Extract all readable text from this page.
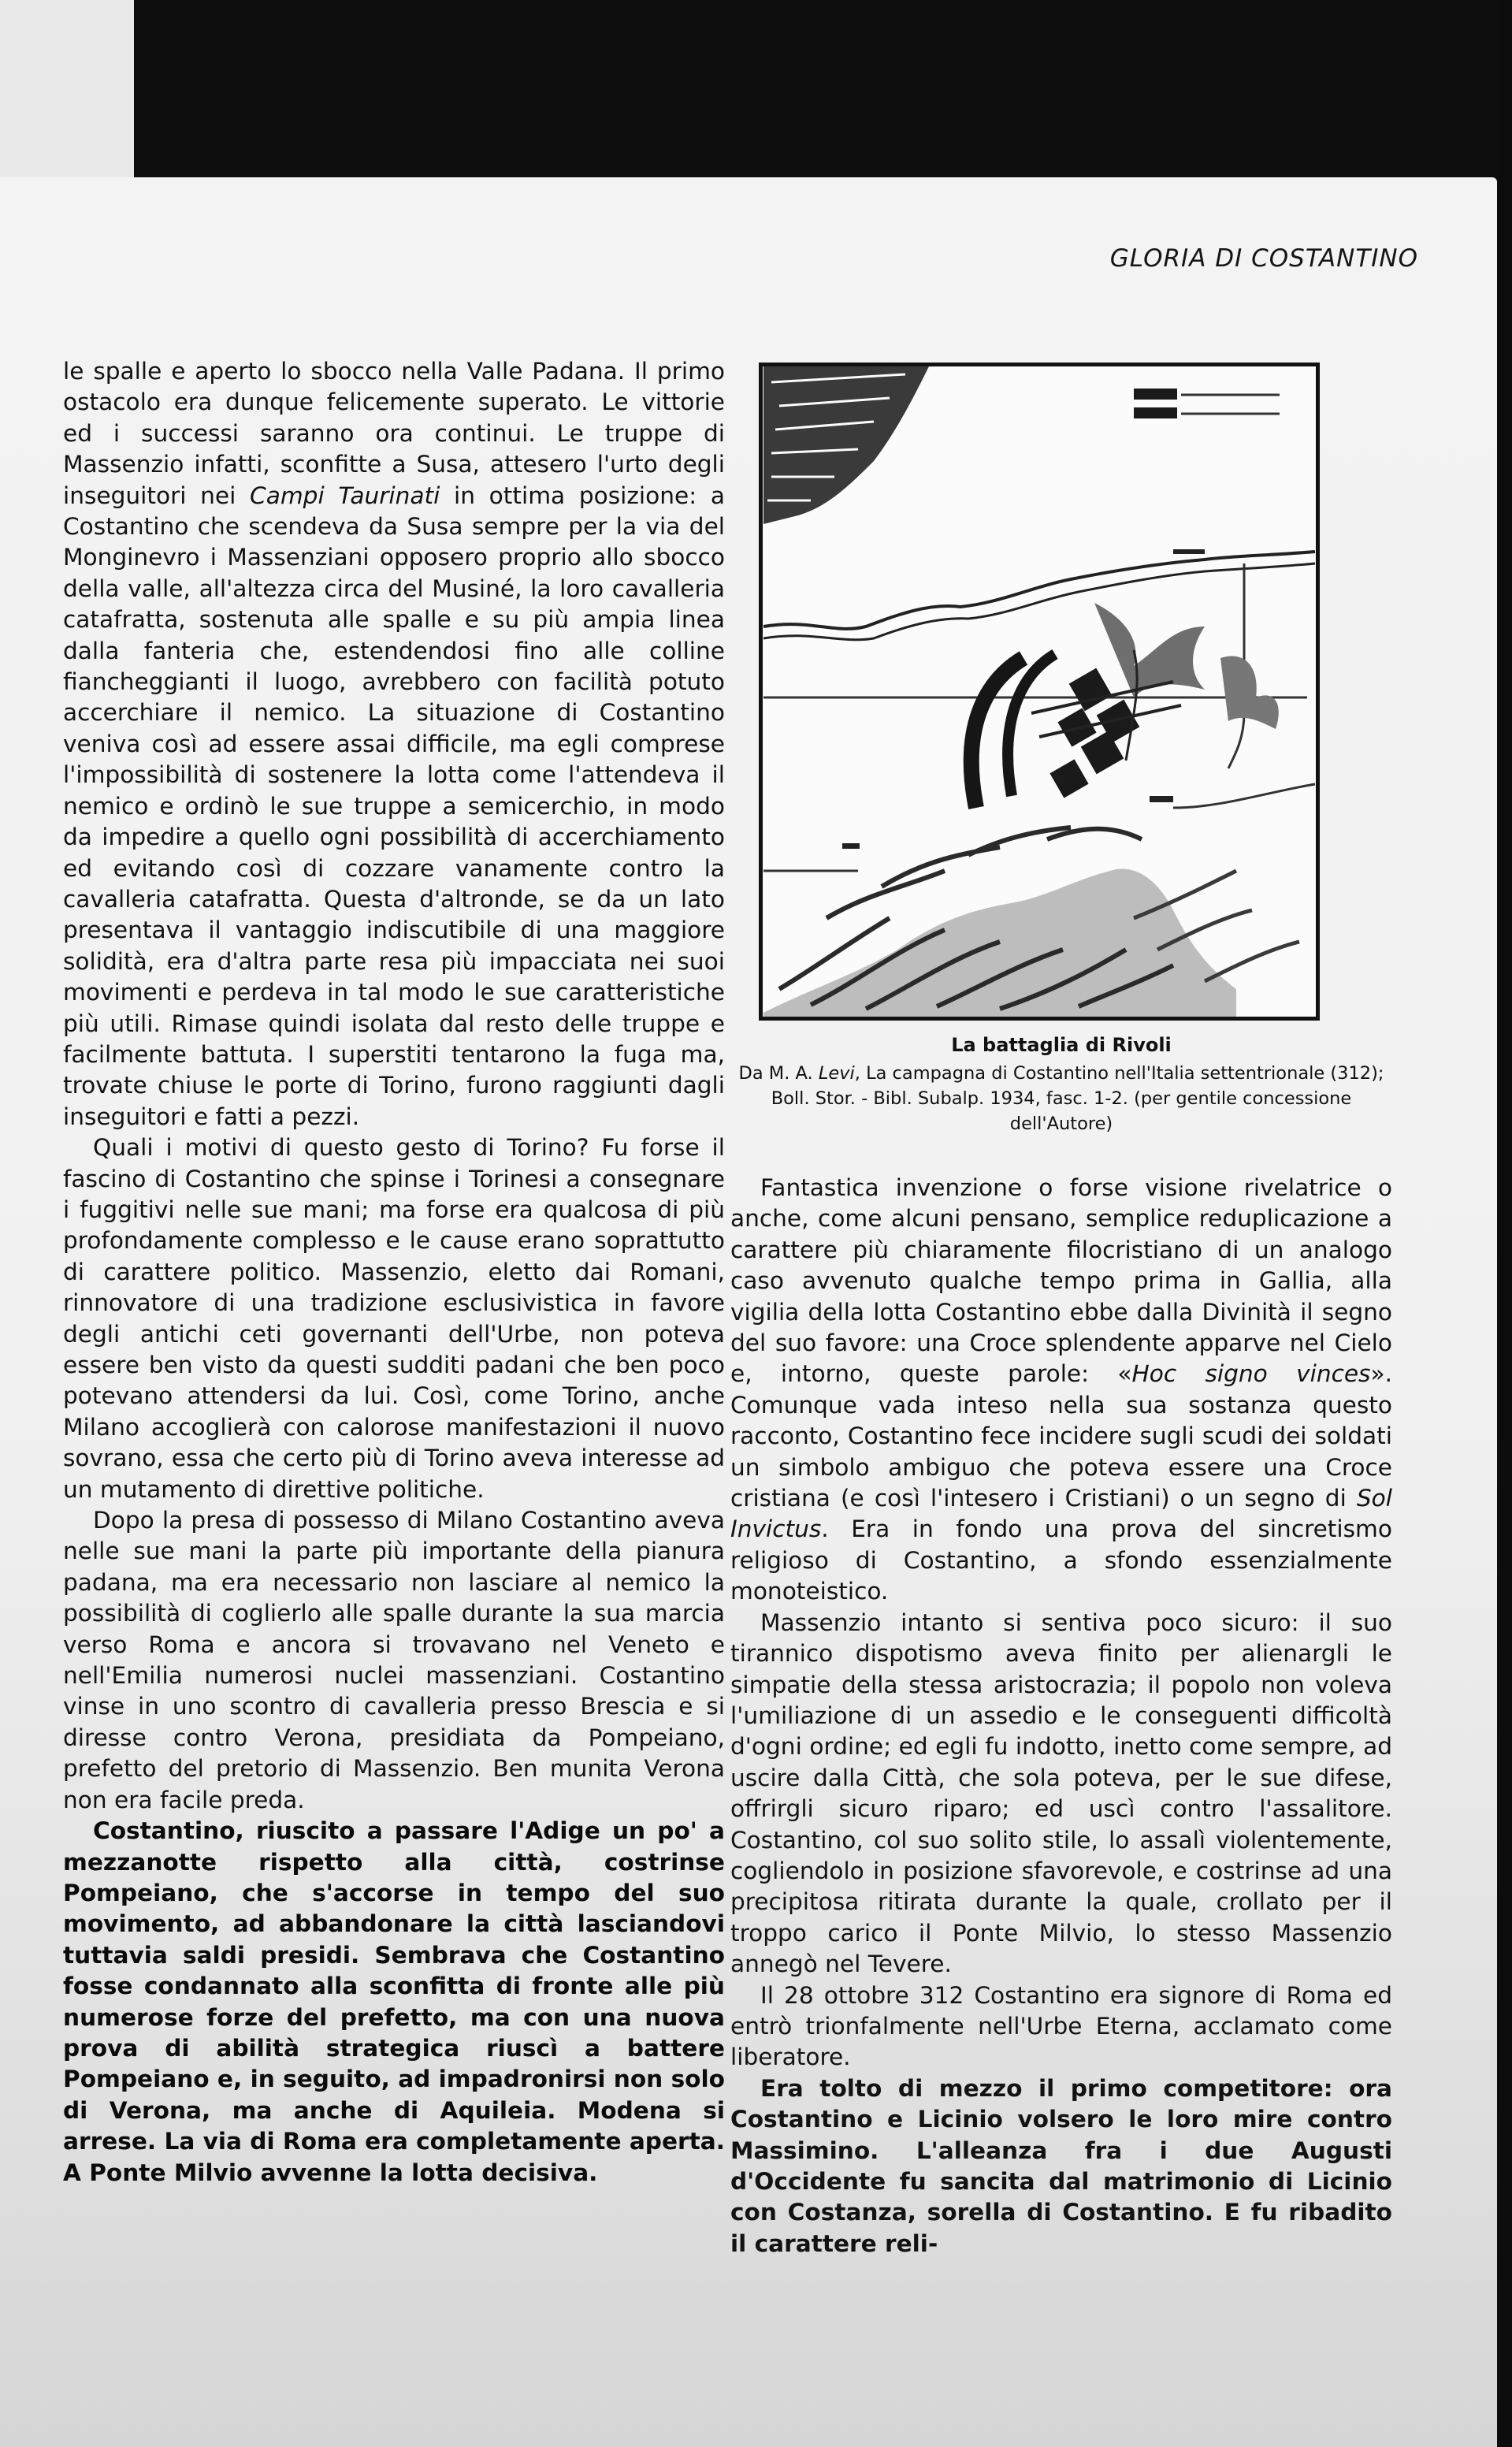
GLORIA DI COSTANTINO

le spalle e aperto lo sbocco nella Valle Padana. Il primo ostacolo era dunque felicemente superato. Le vittorie ed i successi saranno ora continui. Le truppe di Massenzio infatti, sconfitte a Susa, attesero l'urto degli inseguitori nei Campi Taurinati in ottima posizione: a Costantino che scendeva da Susa sempre per la via del Monginevro i Massenziani opposero proprio allo sbocco della valle, all'altezza circa del Musiné, la loro cavalleria catafratta, sostenuta alle spalle e su più ampia linea dalla fanteria che, estendendosi fino alle colline fiancheggianti il luogo, avrebbero con facilità potuto accerchiare il nemico. La situazione di Costantino veniva così ad essere assai difficile, ma egli comprese l'impossibilità di sostenere la lotta come l'attendeva il nemico e ordinò le sue truppe a semicerchio, in modo da impedire a quello ogni possibilità di accerchiamento ed evitando così di cozzare vanamente contro la cavalleria catafratta. Questa d'altronde, se da un lato presentava il vantaggio indiscutibile di una maggiore solidità, era d'altra parte resa più impacciata nei suoi movimenti e perdeva in tal modo le sue caratteristiche più utili. Rimase quindi isolata dal resto delle truppe e facilmente battuta. I superstiti tentarono la fuga ma, trovate chiuse le porte di Torino, furono raggiunti dagli inseguitori e fatti a pezzi.

Quali i motivi di questo gesto di Torino? Fu forse il fascino di Costantino che spinse i Torinesi a consegnare i fuggitivi nelle sue mani; ma forse era qualcosa di più profondamente complesso e le cause erano soprattutto di carattere politico. Massenzio, eletto dai Romani, rinnovatore di una tradizione esclusivistica in favore degli antichi ceti governanti dell'Urbe, non poteva essere ben visto da questi sudditi padani che ben poco potevano attendersi da lui. Così, come Torino, anche Milano accoglierà con calorose manifestazioni il nuovo sovrano, essa che certo più di Torino aveva interesse ad un mutamento di direttive politiche.

Dopo la presa di possesso di Milano Costantino aveva nelle sue mani la parte più importante della pianura padana, ma era necessario non lasciare al nemico la possibilità di coglierlo alle spalle durante la sua marcia verso Roma e ancora si trovavano nel Veneto e nell'Emilia numerosi nuclei massenziani. Costantino vinse in uno scontro di cavalleria presso Brescia e si diresse contro Verona, presidiata da Pompeiano, prefetto del pretorio di Massenzio. Ben munita Verona non era facile preda.

Costantino, riuscito a passare l'Adige un po' a mezzanotte rispetto alla città, costrinse Pompeiano, che s'accorse in tempo del suo movimento, ad abbandonare la città lasciandovi tuttavia saldi presidi. Sembrava che Costantino fosse condannato alla sconfitta di fronte alle più numerose forze del prefetto, ma con una nuova prova di abilità strategica riuscì a battere Pompeiano e, in seguito, ad impadronirsi non solo di Verona, ma anche di Aquileia. Modena si arrese. La via di Roma era completamente aperta. A Ponte Milvio avvenne la lotta decisiva.

La battaglia di Rivoli
Da M. A. Levi, La campagna di Costantino nell'Italia settentrionale (312); Boll. Stor. - Bibl. Subalp. 1934, fasc. 1-2. (per gentile concessione dell'Autore)

Fantastica invenzione o forse visione rivelatrice o anche, come alcuni pensano, semplice reduplicazione a carattere più chiaramente filocristiano di un analogo caso avvenuto qualche tempo prima in Gallia, alla vigilia della lotta Costantino ebbe dalla Divinità il segno del suo favore: una Croce splendente apparve nel Cielo e, intorno, queste parole: «Hoc signo vinces». Comunque vada inteso nella sua sostanza questo racconto, Costantino fece incidere sugli scudi dei soldati un simbolo ambiguo che poteva essere una Croce cristiana (e così l'intesero i Cristiani) o un segno di Sol Invictus. Era in fondo una prova del sincretismo religioso di Costantino, a sfondo essenzialmente monoteistico.

Massenzio intanto si sentiva poco sicuro: il suo tirannico dispotismo aveva finito per alienargli le simpatie della stessa aristocrazia; il popolo non voleva l'umiliazione di un assedio e le conseguenti difficoltà d'ogni ordine; ed egli fu indotto, inetto come sempre, ad uscire dalla Città, che sola poteva, per le sue difese, offrirgli sicuro riparo; ed uscì contro l'assalitore. Costantino, col suo solito stile, lo assalì violentemente, cogliendolo in posizione sfavorevole, e costrinse ad una precipitosa ritirata durante la quale, crollato per il troppo carico il Ponte Milvio, lo stesso Massenzio annegò nel Tevere.

Il 28 ottobre 312 Costantino era signore di Roma ed entrò trionfalmente nell'Urbe Eterna, acclamato come liberatore.

Era tolto di mezzo il primo competitore: ora Costantino e Licinio volsero le loro mire contro Massimino. L'alleanza fra i due Augusti d'Occidente fu sancita dal matrimonio di Licinio con Costanza, sorella di Costantino. E fu ribadito il carattere reli-
